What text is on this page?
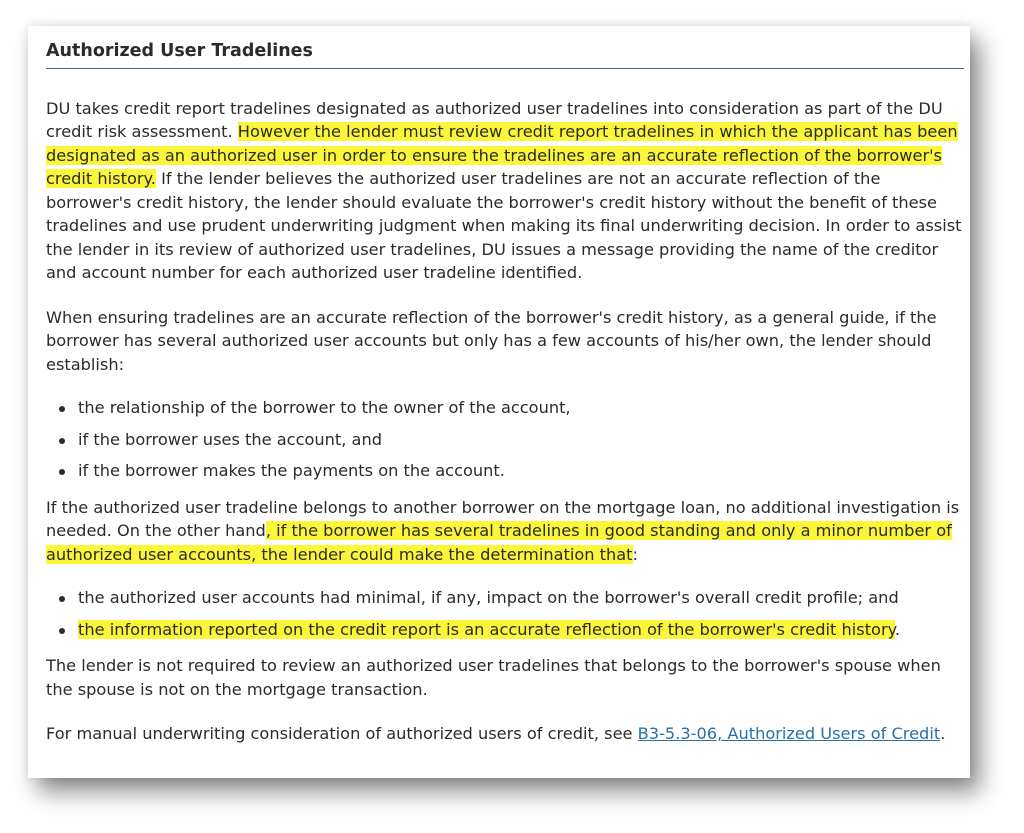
Authorized User Tradelines

DU takes credit report tradelines designated as authorized user tradelines into consideration as part of the DU credit risk assessment. However the lender must review credit report tradelines in which the applicant has been designated as an authorized user in order to ensure the tradelines are an accurate reflection of the borrower's credit history. If the lender believes the authorized user tradelines are not an accurate reflection of the borrower's credit history, the lender should evaluate the borrower's credit history without the benefit of these tradelines and use prudent underwriting judgment when making its final underwriting decision. In order to assist the lender in its review of authorized user tradelines, DU issues a message providing the name of the creditor and account number for each authorized user tradeline identified.

When ensuring tradelines are an accurate reflection of the borrower's credit history, as a general guide, if the borrower has several authorized user accounts but only has a few accounts of his/her own, the lender should establish:

the relationship of the borrower to the owner of the account,
if the borrower uses the account, and
if the borrower makes the payments on the account.

If the authorized user tradeline belongs to another borrower on the mortgage loan, no additional investigation is needed. On the other hand, if the borrower has several tradelines in good standing and only a minor number of authorized user accounts, the lender could make the determination that:

the authorized user accounts had minimal, if any, impact on the borrower's overall credit profile; and
the information reported on the credit report is an accurate reflection of the borrower's credit history.

The lender is not required to review an authorized user tradelines that belongs to the borrower's spouse when the spouse is not on the mortgage transaction.

For manual underwriting consideration of authorized users of credit, see B3-5.3-06, Authorized Users of Credit.
